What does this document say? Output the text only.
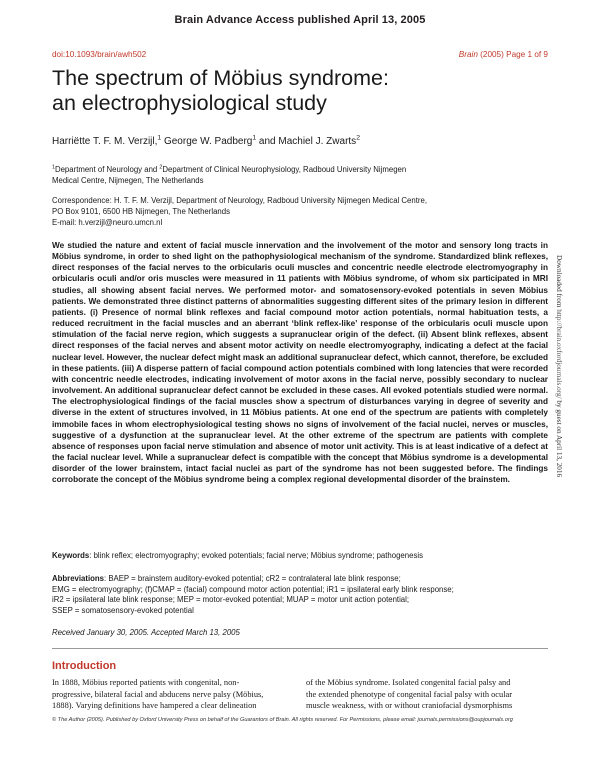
Brain Advance Access published April 13, 2005
doi:10.1093/brain/awh502	Brain (2005) Page 1 of 9
The spectrum of Möbius syndrome:
an electrophysiological study
Harriëtte T. F. M. Verzijl,$^1$ George W. Padberg$^1$ and Machiel J. Zwarts$^2$
$^1$Department of Neurology and $^2$Department of Clinical Neurophysiology, Radboud University Nijmegen
Medical Centre, Nijmegen, The Netherlands
Correspondence: H. T. F. M. Verzijl, Department of Neurology, Radboud University Nijmegen Medical Centre,
PO Box 9101, 6500 HB Nijmegen, The Netherlands
E-mail: h.verzijl@neuro.umcn.nl
We studied the nature and extent of facial muscle innervation and the involvement of the motor and sensory long tracts in Möbius syndrome, in order to shed light on the pathophysiological mechanism of the syndrome. Standardized blink reflexes, direct responses of the facial nerves to the orbicularis oculi muscles and concentric needle electrode electromyography in orbicularis oculi and/or oris muscles were measured in 11 patients with Möbius syndrome, of whom six participated in MRI studies, all showing absent facial nerves. We performed motor- and somatosensory-evoked potentials in seven Möbius patients. We demonstrated three distinct patterns of abnormalities suggesting different sites of the primary lesion in different patients. (i) Presence of normal blink reflexes and facial compound motor action potentials, normal habituation tests, a reduced recruitment in the facial muscles and an aberrant ‘blink reflex-like’ response of the orbicularis oculi muscle upon stimulation of the facial nerve region, which suggests a supranuclear origin of the defect. (ii) Absent blink reflexes, absent direct responses of the facial nerves and absent motor activity on needle electromyography, indicating a defect at the facial nuclear level. However, the nuclear defect might mask an additional supranuclear defect, which cannot, therefore, be excluded in these patients. (iii) A disperse pattern of facial compound action potentials combined with long latencies that were recorded with concentric needle electrodes, indicating involvement of motor axons in the facial nerve, possibly secondary to nuclear involvement. An additional supranuclear defect cannot be excluded in these cases. All evoked potentials studied were normal. The electrophysiological findings of the facial muscles show a spectrum of disturbances varying in degree of severity and diverse in the extent of structures involved, in 11 Möbius patients. At one end of the spectrum are patients with completely immobile faces in whom electrophysiological testing shows no signs of involvement of the facial nuclei, nerves or muscles, suggestive of a dysfunction at the supranuclear level. At the other extreme of the spectrum are patients with complete absence of responses upon facial nerve stimulation and absence of motor unit activity. This is at least indicative of a defect at the facial nuclear level. While a supranuclear defect is compatible with the concept that Möbius syndrome is a developmental disorder of the lower brainstem, intact facial nuclei as part of the syndrome has not been suggested before. The findings corroborate the concept of the Möbius syndrome being a complex regional developmental disorder of the brainstem.
Keywords: blink reflex; electromyography; evoked potentials; facial nerve; Möbius syndrome; pathogenesis
Abbreviations: BAEP = brainstem auditory-evoked potential; cR2 = contralateral late blink response;
EMG = electromyography; (f)CMAP = (facial) compound motor action potential; iR1 = ipsilateral early blink response;
iR2 = ipsilateral late blink response; MEP = motor-evoked potential; MUAP = motor unit action potential;
SSEP = somatosensory-evoked potential
Received January 30, 2005. Accepted March 13, 2005
Introduction
In 1888, Möbius reported patients with congenital, non-
progressive, bilateral facial and abducens nerve palsy (Möbius,
1888). Varying definitions have hampered a clear delineation
of the Möbius syndrome. Isolated congenital facial palsy and
the extended phenotype of congenital facial palsy with ocular
muscle weakness, with or without craniofacial dysmorphisms
© The Author (2005). Published by Oxford University Press on behalf of the Guarantors of Brain. All rights reserved. For Permissions, please email: journals.permissions@oupjournals.org
Downloaded from http://brain.oxfordjournals.org/ by guest on April 13, 2016
